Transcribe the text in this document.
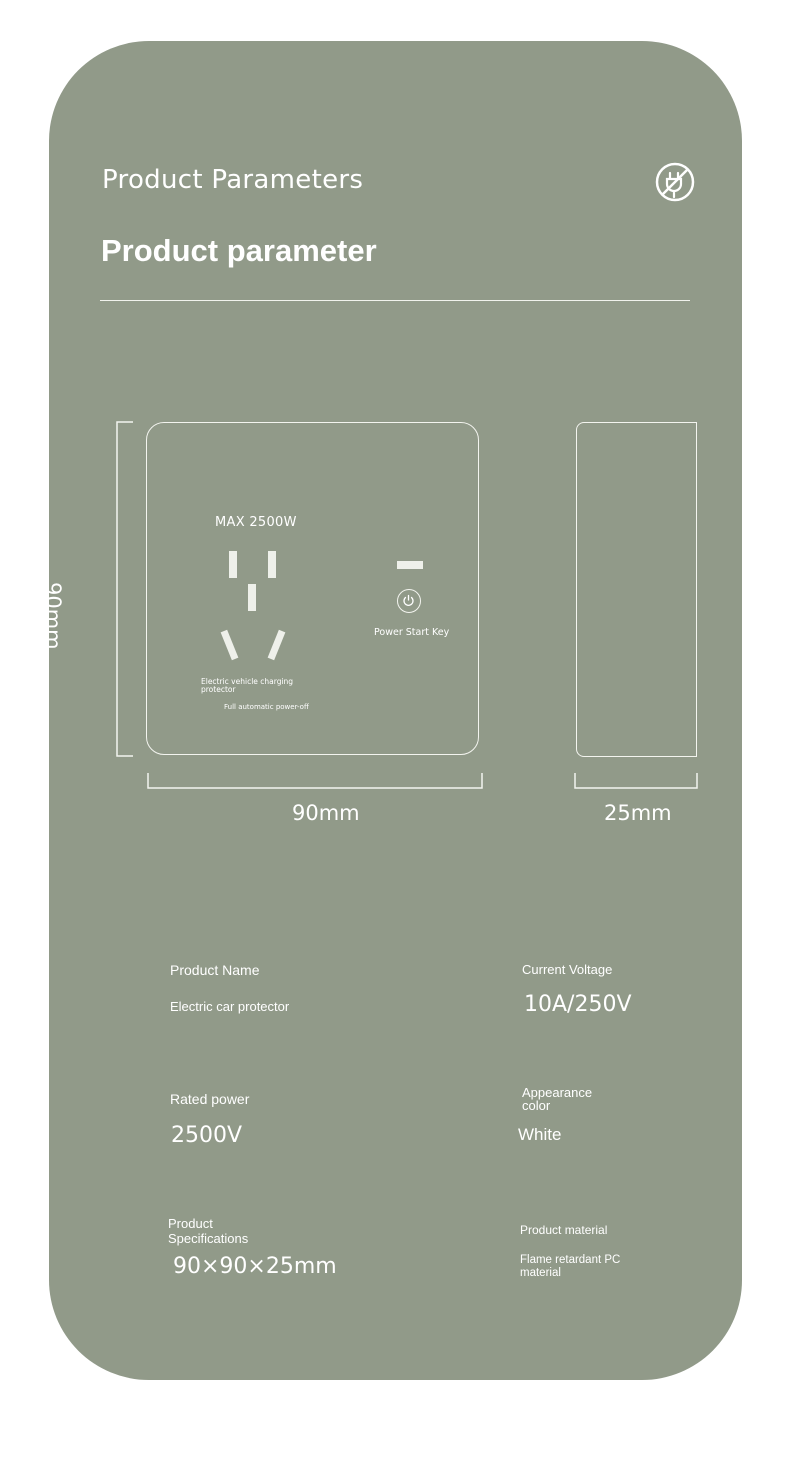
Product Parameters
Product parameter
90mm
MAX 2500W
Electric vehicle charging protector
Full automatic power-off
Power Start Key
90mm	25mm
Product Name
Electric car protector
Current Voltage
10A/250V
Rated power
2500V
Appearance
color
White
Product
Specifications
90×90×25mm
Product material
Flame retardant PC
material
